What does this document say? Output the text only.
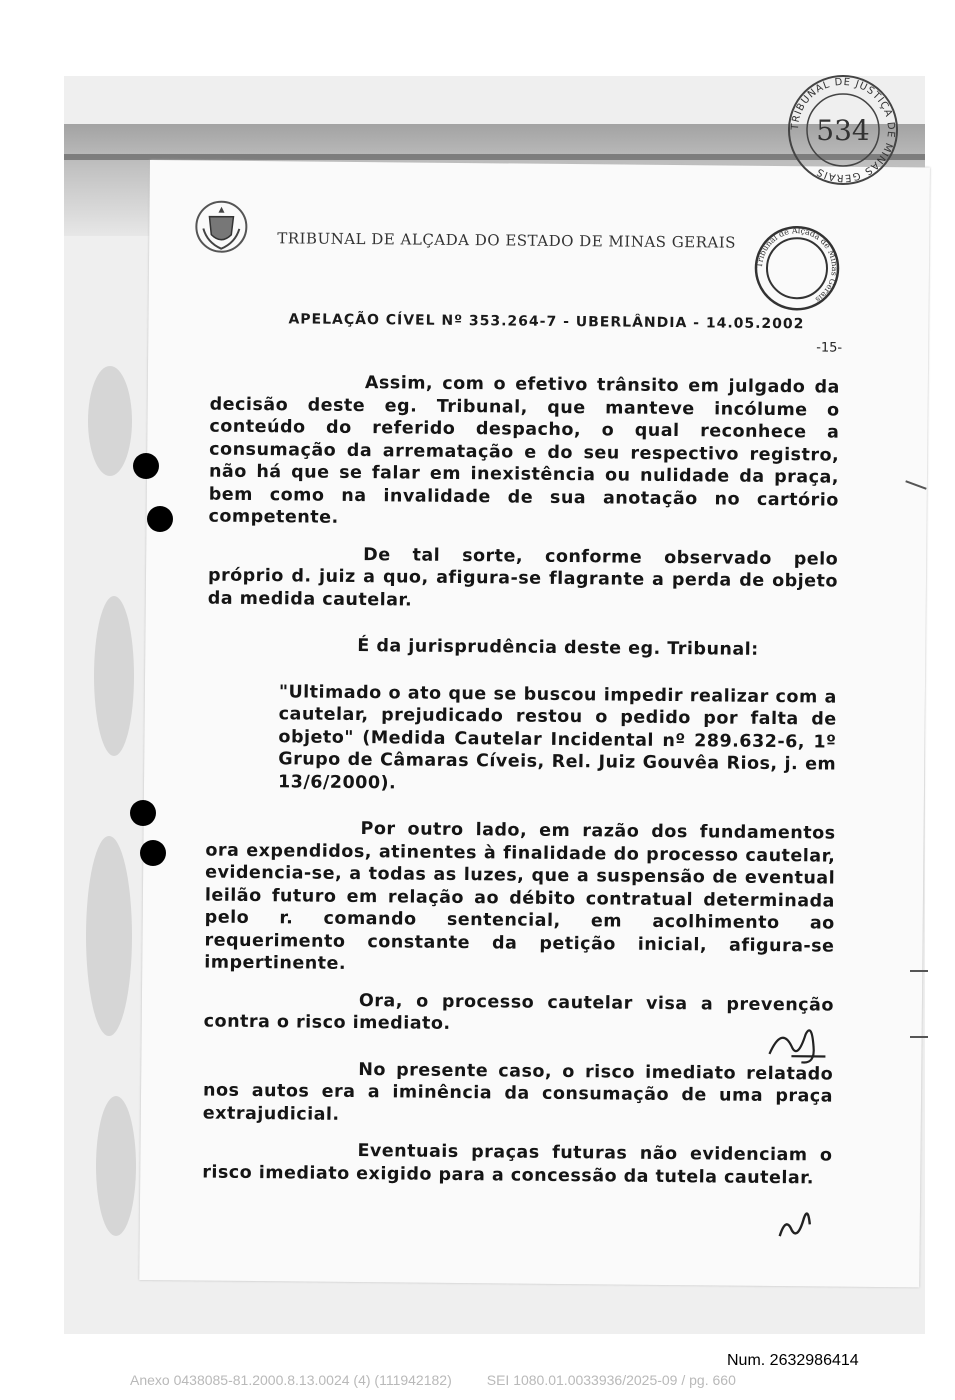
TRIBUNAL DE ALÇADA DO ESTADO DE MINAS GERAIS

Tribunal de Alçada de Minas Gerais

APELAÇÃO CÍVEL Nº 353.264-7 - UBERLÂNDIA - 14.05.2002

-15-

Assim, com o efetivo trânsito em julgado da decisão deste eg. Tribunal, que manteve incólume o conteúdo do referido despacho, o qual reconhece a consumação da arrematação e do seu respectivo registro, não há que se falar em inexistência ou nulidade da praça, bem como na invalidade de sua anotação no cartório competente.

De tal sorte, conforme observado pelo próprio d. juiz a quo, afigura-se flagrante a perda de objeto da medida cautelar.

É da jurisprudência deste eg. Tribunal:

"Ultimado o ato que se buscou impedir realizar com a cautelar, prejudicado restou o pedido por falta de objeto" (Medida Cautelar Incidental nº 289.632-6, 1º Grupo de Câmaras Cíveis, Rel. Juiz Gouvêa Rios, j. em 13/6/2000).

Por outro lado, em razão dos fundamentos ora expendidos, atinentes à finalidade do processo cautelar, evidencia-se, a todas as luzes, que a suspensão de eventual leilão futuro em relação ao débito contratual determinada pelo r. comando sentencial, em acolhimento ao requerimento constante da petição inicial, afigura-se impertinente.

Ora, o processo cautelar visa a prevenção contra o risco imediato.

No presente caso, o risco imediato relatado nos autos era a iminência da consumação de uma praça extrajudicial.

Eventuais praças futuras não evidenciam o risco imediato exigido para a concessão da tutela cautelar.

TRIBUNAL DE JUSTIÇA DE MINAS GERAIS
534
Num. 2632986414
Anexo 0438085-81.2000.8.13.0024 (4) (111942182)         SEI 1080.01.0033936/2025-09 / pg. 660
